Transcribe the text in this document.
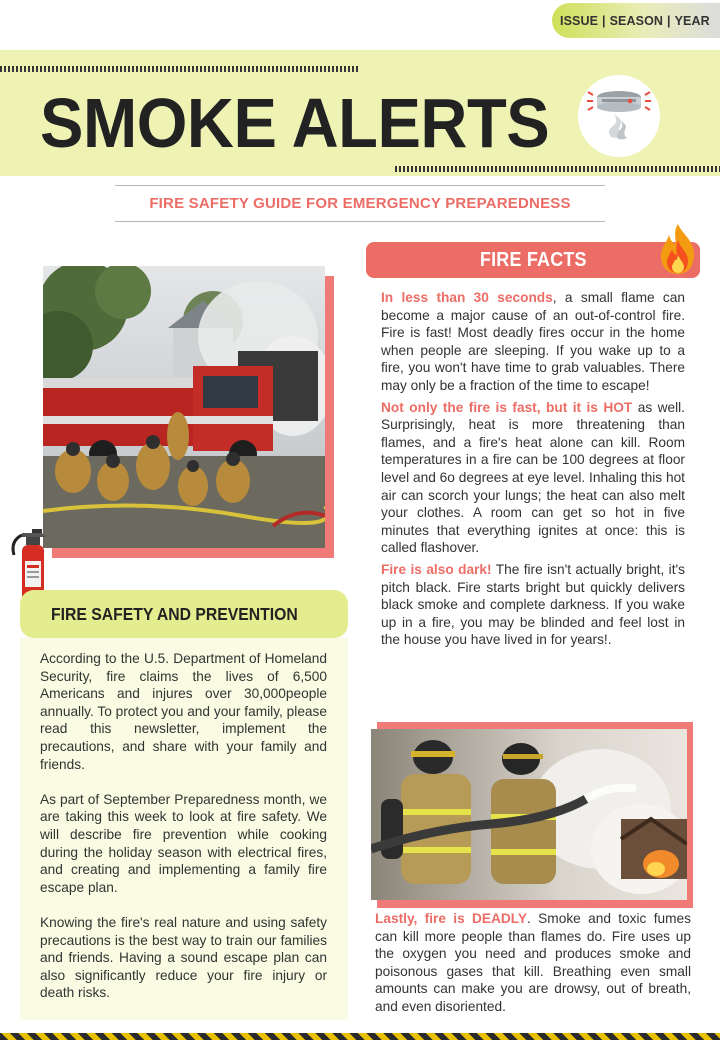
ISSUE | SEASON | YEAR
SMOKE ALERTS
FIRE SAFETY GUIDE FOR EMERGENCY PREPAREDNESS
FIRE FACTS

In less than 30 seconds, a small flame can become a major cause of an out-of-control fire. Fire is fast! Most deadly fires occur in the home when people are sleeping. If you wake up to a fire, you won't have time to grab valuables. There may only be a fraction of the time to escape!

Not only the fire is fast, but it is HOT as well. Surprisingly, heat is more threatening than flames, and a fire's heat alone can kill. Room temperatures in a fire can be 100 degrees at floor level and 6o degrees at eye level. Inhaling this hot air can scorch your lungs; the heat can also melt your clothes. A room can get so hot in five minutes that everything ignites at once: this is called flashover.

Fire is also dark! The fire isn't actually bright, it's pitch black. Fire starts bright but quickly delivers black smoke and complete darkness. If you wake up in a fire, you may be blinded and feel lost in the house you have lived in for years!.

FIRE SAFETY AND PREVENTION

According to the U.5. Department of Homeland Security, fire claims the lives of 6,500 Americans and injures over 30,000people annually. To protect you and your family, please read this newsletter, implement the precautions, and share with your family and friends.

As part of September Preparedness month, we are taking this week to look at fire safety. We will describe fire prevention while cooking during the holiday season with electrical fires, and creating and implementing a family fire escape plan.

Knowing the fire's real nature and using safety precautions is the best way to train our families and friends. Having a sound escape plan can also significantly reduce your fire injury or death risks.

Lastly, fire is DEADLY. Smoke and toxic fumes can kill more people than flames do. Fire uses up the oxygen you need and produces smoke and poisonous gases that kill. Breathing even small amounts can make you are drowsy, out of breath, and even disoriented.
